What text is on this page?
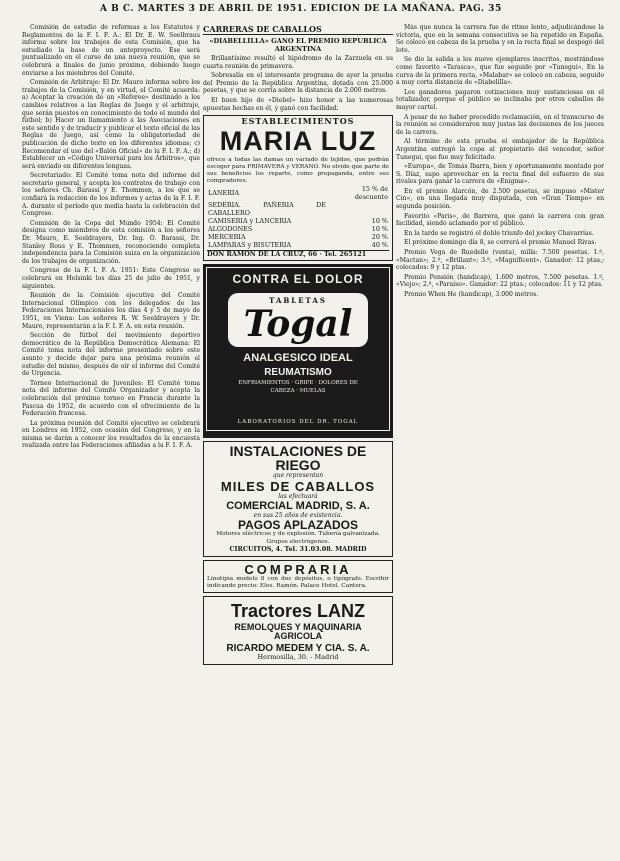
A B C. MARTES 3 DE ABRIL DE 1951. EDICION DE LA MAÑANA. PAG. 35

Comisión de estudio de reformas a los Estatutos y Reglamentos de la F. I. F. A.: El Dr. E. W. Seelbraus informa sobre los trabajos de esta Comisión, que ha estudiado la base de un anteproyecto. Ese será puntualizado en el curso de una nueva reunión, que se celebrará a finales de junio próximo, debiendo luego enviarse a los miembros del Comité.

Comisión de Arbitraje: El Dr. Mauro informa sobre los trabajos de la Comisión, y en virtud, el Comité acuerda: a) Aceptar la creación de un «Referee» destinado a los cambios relativos a las Reglas de Juego y el arbitraje, que serán puestos en conocimiento de todo el mundo del fútbol; b) Hacer un llamamiento a las Asociaciones en este sentido y de traducir y publicar el texto oficial de las Reglas de Juego, así como la obligatoriedad de publicación de dicho texto en los diferentes idiomas; c) Recomendar el uso del «Balón Oficial» de la F. I. F. A.; d) Establecer un «Código Universal para los Árbitros», que será enviado en diferentes lenguas.

Secretariado: El Comité toma nota del informe del secretario general, y acepta los contratos de trabajo con los señores Ch. Barassi y E. Thommen, a los que se confiará la redacción de los informes y actas de la F. I. F. A. durante el período que media hasta la celebración del Congreso.

Comisión de la Copa del Mundo 1954: El Comité designa como miembros de esta comisión a los señores Dr. Mauro, E. Seeldrayers, Dr. Ing. O. Barassi, Dr. Stanley Rous y E. Thommen, reconociendo completa independencia para la Comisión suiza en la organización de los trabajos de organización.

Congreso de la F. I. F. A. 1951: Este Congreso se celebrará en Helsinki los días 25 de julio de 1951, y siguientes.

Reunión de la Comisión ejecutiva del Comité Internacional Olímpico con los delegados de las Federaciones Internacionales los días 4 y 5 de mayo de 1951, en Viena: Los señores R. W. Seeldrayers y Dr. Mauro, representarán a la F. I. F. A. en esta reunión.

Sección de fútbol del movimiento deportivo democrático de la República Democrática Alemana: El Comité toma nota del informe presentado sobre este asunto y decide dejar para una próxima reunión el estudio del mismo, después de oír el informe del Comité de Urgencia.

Torneo Internacional de Juveniles: El Comité toma nota del informe del Comité Organizador y acepta la celebración del próximo torneo en Francia durante la Pascua de 1952, de acuerdo con el ofrecimiento de la Federación francesa.

La próxima reunión del Comité ejecutivo se celebrará en Londres en 1952, con ocasión del Congreso, y en la misma se darán a conocer los resultados de la encuesta realizada entre las Federaciones afiliadas a la F. I. F. A.

CARRERAS DE CABALLOS
«DIABELLILLA» GANO EL PREMIO REPUBLICA ARGENTINA

Brillantísimo resultó el hipódromo de la Zarzuela en su cuarta reunión de primavera.

Sobresalía en el interesante programa de ayer la prueba del Premio de la República Argentina, dotada con 25.000 pesetas, y que se corría sobre la distancia de 2.000 metros.

El buen hijo de «Diebel» hizo honor a las numerosas apuestas hechas en él, y ganó con facilidad.

ESTABLECIMIENTOS
MARIA LUZ
ofrece a todas las damas un variado de tejidos, que podrán escoger para PRIMAVERA y VERANO. No olvide que parte de sus beneficios los reparte, como propaganda, entre sus compradores.
LANERIA	15 % de descuento
SEDERIA. PAÑERIA DE CABALLERO	
CAMISERIA y LANCERIA	10 %
ALGODONES	10 %
MERCERIA	20 %
LAMPARAS y BISUTERIA	40 %
DON RAMON DE LA CRUZ, 66 · Tel. 265121
CONTRA EL DOLOR
TABLETAS
Togal
ANALGESICO IDEAL
REUMATISMO
ENFRIAMIENTOS · GRIPE · DOLORES DE CABEZA · MUELAS
LABORATORIOS DEL DR. TOGAL
INSTALACIONES DE RIEGO
que representan
MILES DE CABALLOS
las efectuará
COMERCIAL MADRID, S. A.
en sus 25 años de existencia.
PAGOS APLAZADOS
Motores eléctricos y de explosión. Tubería galvanizada. Grupos electrógenos.
CIRCUITOS, 4. Tel. 31.03.08. MADRID
COMPRARIA
Linotipia modelo 8 con dos depósitos, o tipógrafo. Escribir indicando precio: Elos. Ramón. Palace Hotel. Cantera.
Tractores LANZ
REMOLQUES Y MAQUINARIA
AGRICOLA
RICARDO MEDEM Y CIA. S. A.
Hermosilla, 30. - Madrid

Más que nunca la carrera fue de ritmo lento, adjudicándose la victoria, que en la semana consecutiva se ha repetido en España. Se colocó en cabeza de la prueba y en la recta final se despegó del lote.

Se dio la salida a los nueve ejemplares inscritos, mostrándose como favorito «Tarasca», que fue seguido por «Tunegui». En la curva de la primera recta, «Malabar» se colocó en cabeza, seguido a muy corta distancia de «Diabelilla».

Los ganadores pagaron cotizaciones muy sustanciosas en el totalizador, porque el público se inclinaba por otros caballos de mayor cartel.

A pesar de no haber precedido reclamación, en el transcurso de la reunión se consideraron muy justas las decisiones de los jueces de la carrera.

Al término de esta prueba el embajador de la República Argentina entregó la copa al propietario del vencedor, señor Tunegui, que fue muy felicitado.

«Europa», de Tomás Ibarra, bien y oportunamente montado por S. Díaz, supo aprovechar en la recta final del esfuerzo de sus rivales para ganar la carrera de «Enigma».

En el premio Alarcón, de 2.500 pesetas, se impuso «Mister Cin», en una llegada muy disputada, con «Gran Tiempo» en segunda posición.

Favorito «Paris», de Barrera, que ganó la carrera con gran facilidad, siendo aclamado por el público.

En la tarde se registró el doble triunfo del jockey Chavarrías.

El próximo domingo día 8, se correrá el premio Manuel Rivas.

Premio Vega de Ruedelle (venta), milla: 7.500 pesetas. 1.º, «Mactan»; 2.º, «Brillant»; 3.º, «Magníficent». Ganador: 12 ptas.; colocados: 9 y 12 ptas.

Premio Pensión (handicap), 1.600 metros, 7.500 pesetas. 1.º, «Viejo»; 2.º, «Paraíso». Ganador: 22 ptas.; colocados: 11 y 12 ptas.

Premio When He (handicap), 3.000 metros.
